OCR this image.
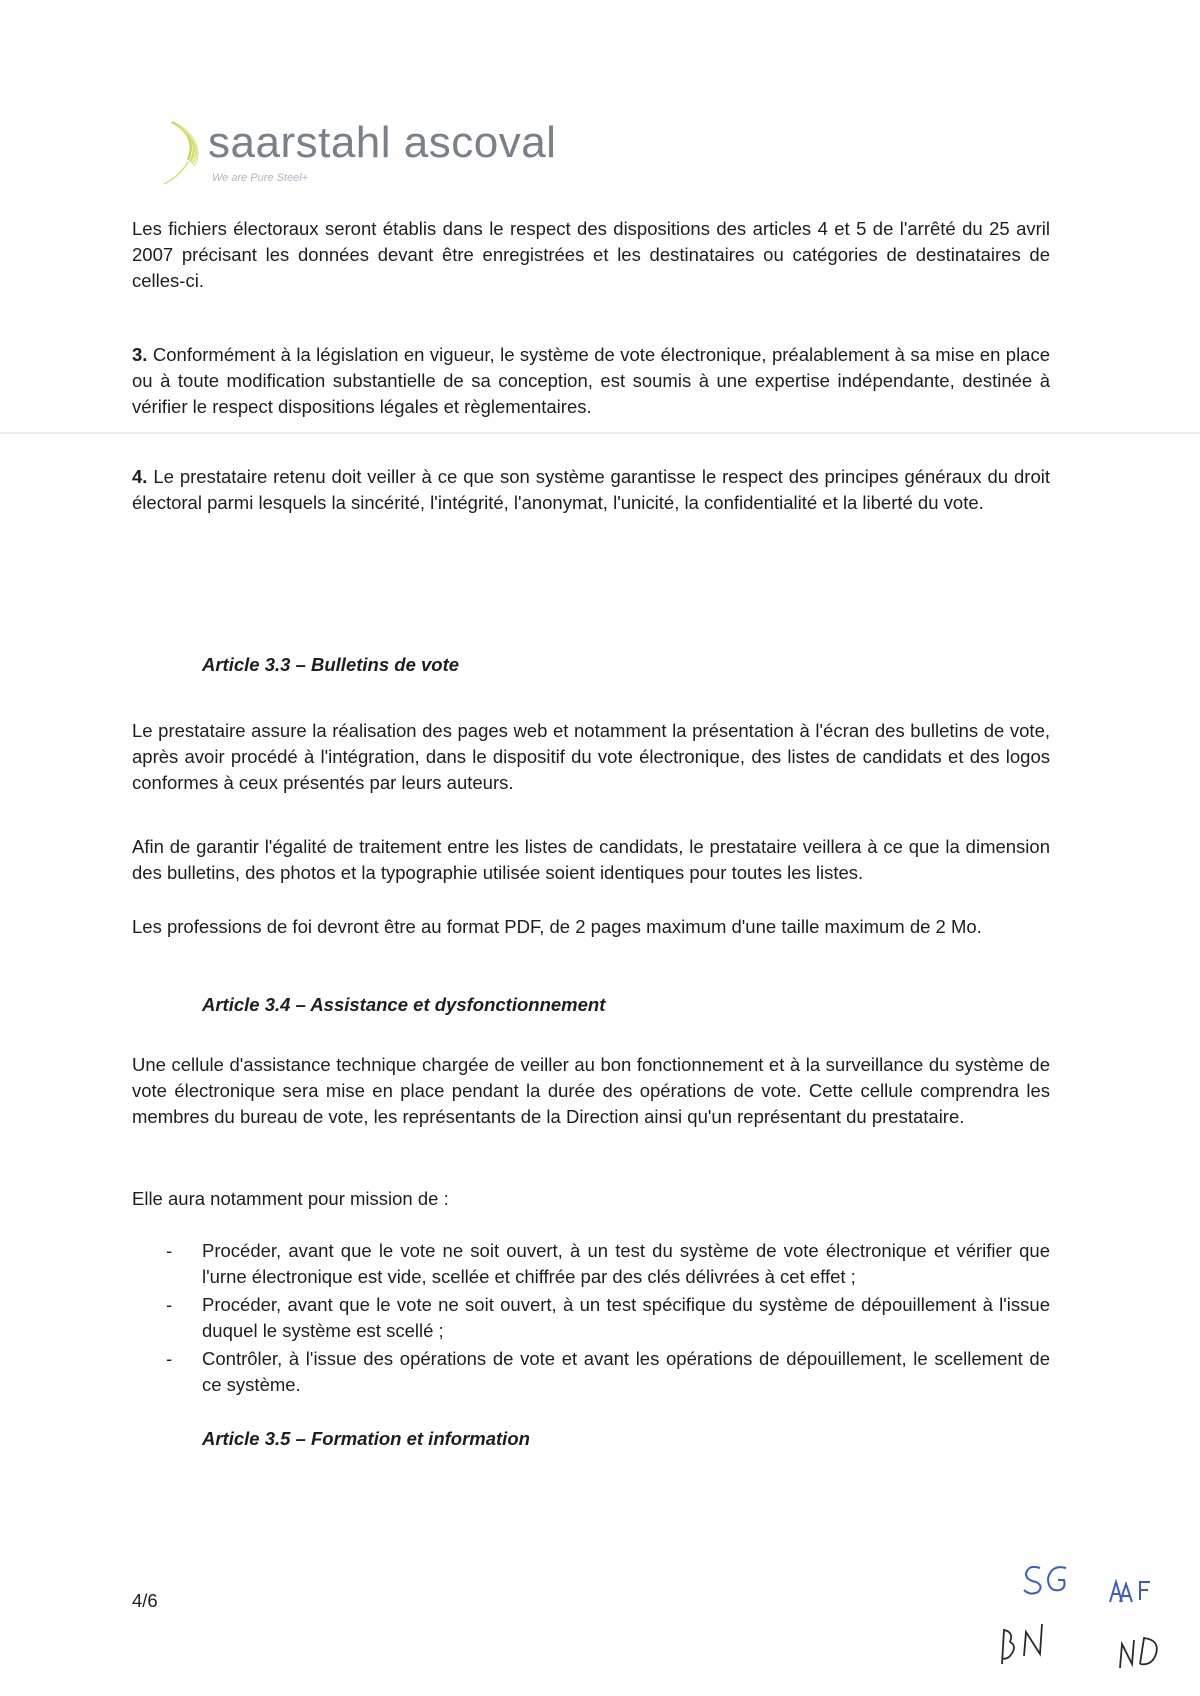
saarstahl ascoval
We are Pure Steel+
Les fichiers électoraux seront établis dans le respect des dispositions des articles 4 et 5 de l'arrêté du 25 avril 2007 précisant les données devant être enregistrées et les destinataires ou catégories de destinataires de celles-ci.
3. Conformément à la législation en vigueur, le système de vote électronique, préalablement à sa mise en place ou à toute modification substantielle de sa conception, est soumis à une expertise indépendante, destinée à vérifier le respect dispositions légales et règlementaires.
4. Le prestataire retenu doit veiller à ce que son système garantisse le respect des principes généraux du droit électoral parmi lesquels la sincérité, l'intégrité, l'anonymat, l'unicité, la confidentialité et la liberté du vote.
Article 3.3 – Bulletins de vote
Le prestataire assure la réalisation des pages web et notamment la présentation à l'écran des bulletins de vote, après avoir procédé à l'intégration, dans le dispositif du vote électronique, des listes de candidats et des logos conformes à ceux présentés par leurs auteurs.
Afin de garantir l'égalité de traitement entre les listes de candidats, le prestataire veillera à ce que la dimension des bulletins, des photos et la typographie utilisée soient identiques pour toutes les listes.
Les professions de foi devront être au format PDF, de 2 pages maximum d'une taille maximum de 2 Mo.
Article 3.4 – Assistance et dysfonctionnement
Une cellule d'assistance technique chargée de veiller au bon fonctionnement et à la surveillance du système de vote électronique sera mise en place pendant la durée des opérations de vote. Cette cellule comprendra les membres du bureau de vote, les représentants de la Direction ainsi qu'un représentant du prestataire.
Elle aura notamment pour mission de :
- Procéder, avant que le vote ne soit ouvert, à un test du système de vote électronique et vérifier que l'urne électronique est vide, scellée et chiffrée par des clés délivrées à cet effet ;
- Procéder, avant que le vote ne soit ouvert, à un test spécifique du système de dépouillement à l'issue duquel le système est scellé ;
- Contrôler, à l'issue des opérations de vote et avant les opérations de dépouillement, le scellement de ce système.
Article 3.5 – Formation et information
4/6
